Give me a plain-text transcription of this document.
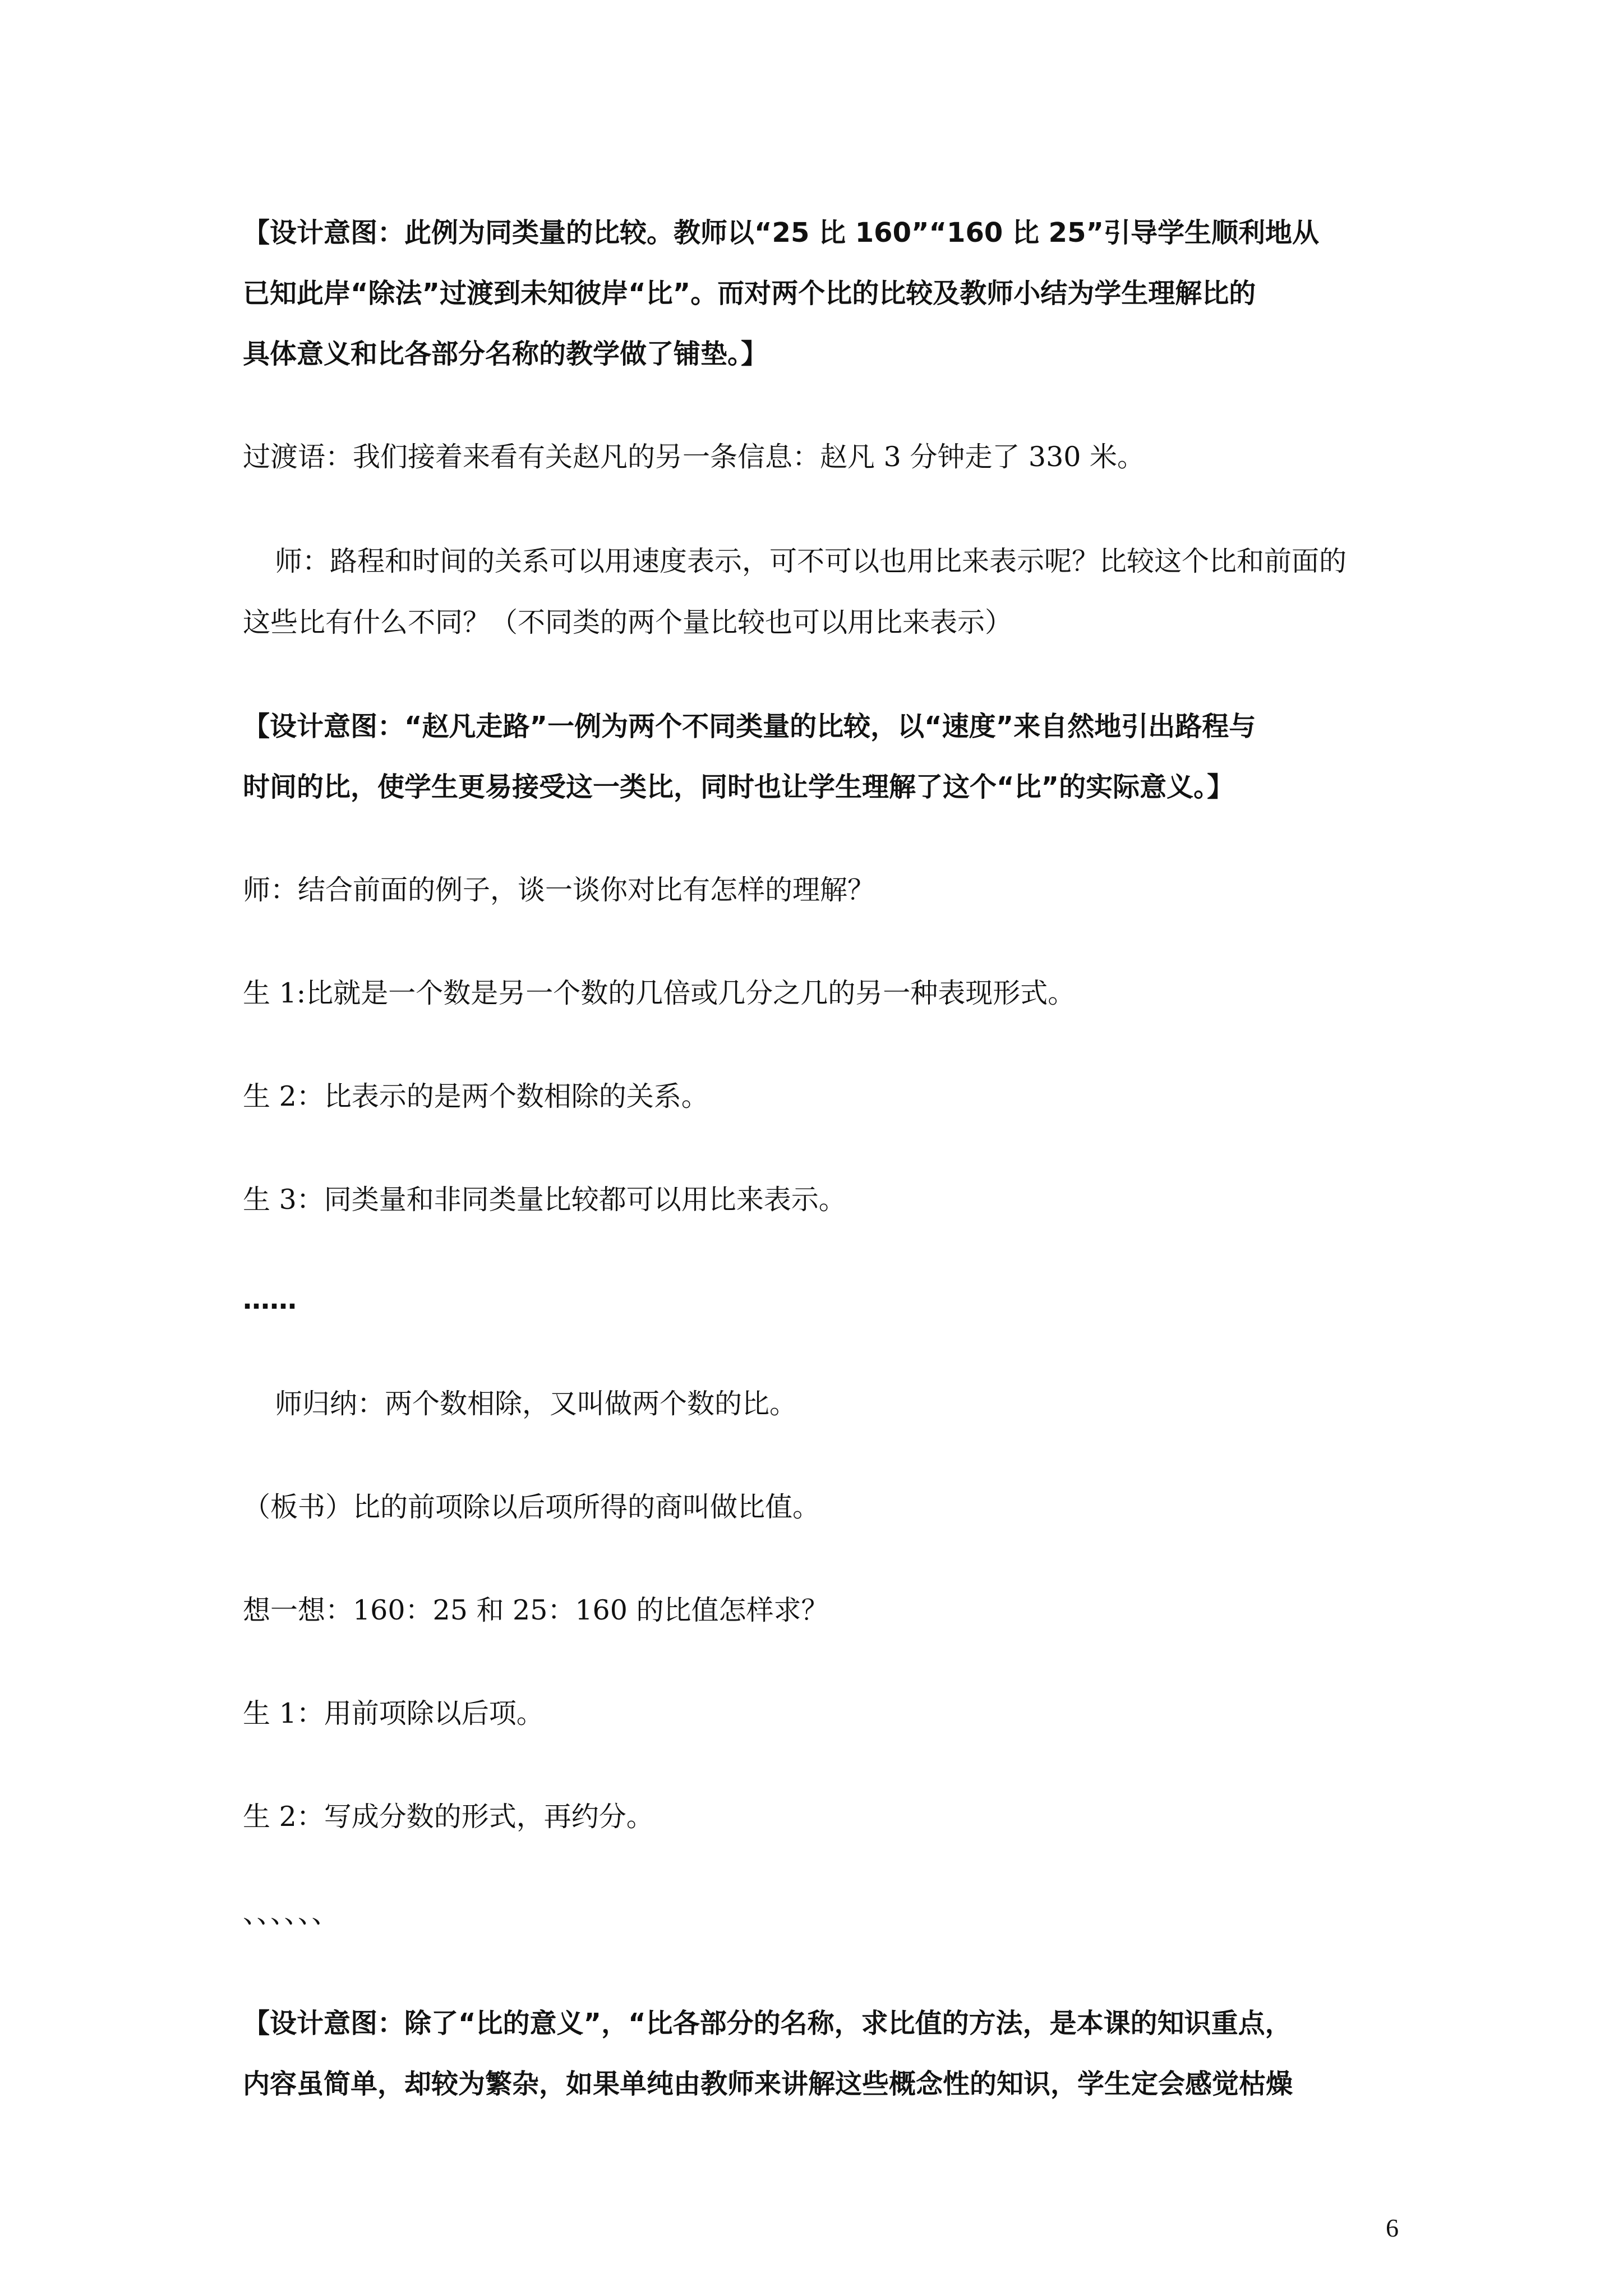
【设计意图：此例为同类量的比较。教师以“25 比 160”“160 比 25”引导学生顺利地从

已知此岸“除法”过渡到未知彼岸“比”。而对两个比的比较及教师小结为学生理解比的

具体意义和比各部分名称的教学做了铺垫。】

过渡语：我们接着来看有关赵凡的另一条信息：赵凡 3 分钟走了 330 米。

师：路程和时间的关系可以用速度表示，可不可以也用比来表示呢？比较这个比和前面的

这些比有什么不同？（不同类的两个量比较也可以用比来表示）

【设计意图：“赵凡走路”一例为两个不同类量的比较，以“速度”来自然地引出路程与

时间的比，使学生更易接受这一类比，同时也让学生理解了这个“比”的实际意义。】

师：结合前面的例子，谈一谈你对比有怎样的理解？

生 1:比就是一个数是另一个数的几倍或几分之几的另一种表现形式。

生 2：比表示的是两个数相除的关系。

生 3：同类量和非同类量比较都可以用比来表示。

……

师归纳：两个数相除，又叫做两个数的比。

（板书）比的前项除以后项所得的商叫做比值。

想一想：160：25 和 25：160 的比值怎样求？

生 1：用前项除以后项。

生 2：写成分数的形式，再约分。

、、、、、、

【设计意图：除了“比的意义”，“比各部分的名称，求比值的方法，是本课的知识重点，

内容虽简单，却较为繁杂，如果单纯由教师来讲解这些概念性的知识，学生定会感觉枯燥

6
